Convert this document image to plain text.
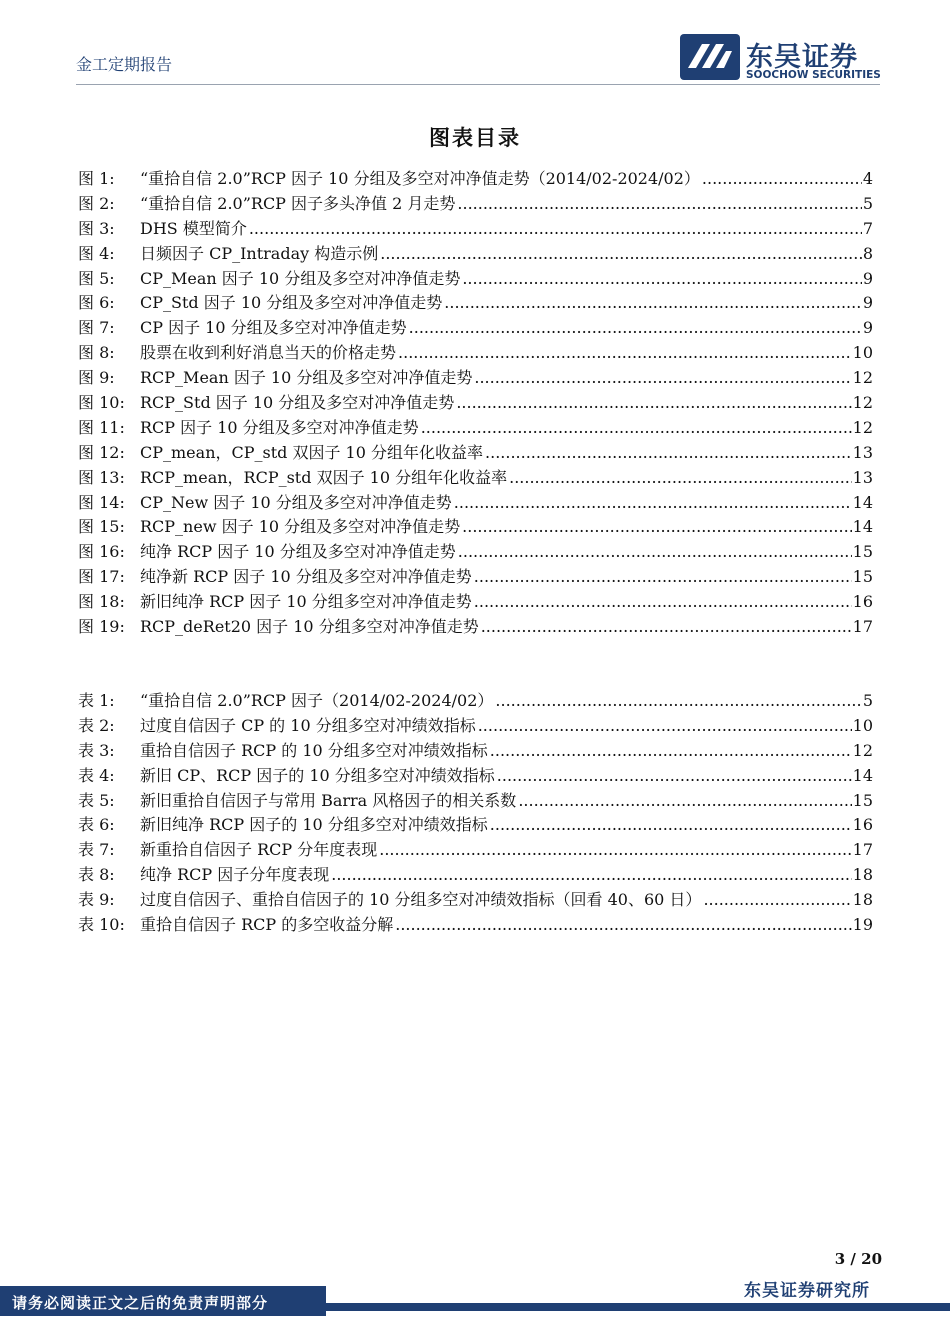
金工定期报告	东吴证券
SOOCHOW SECURITIES
图表目录
图 1:	“重拾自信 2.0”RCP 因子 10 分组及多空对冲净值走势（2014/02-2024/02） .....	4
图 2:	“重拾自信 2.0”RCP 因子多头净值 2 月走势 .....	5
图 3:	DHS 模型简介 .....	7
图 4:	日频因子 CP_Intraday 构造示例 .....	8
图 5:	CP_Mean 因子 10 分组及多空对冲净值走势 .....	9
图 6:	CP_Std 因子 10 分组及多空对冲净值走势 .....	9
图 7:	CP 因子 10 分组及多空对冲净值走势 .....	9
图 8:	股票在收到利好消息当天的价格走势 .....	10
图 9:	RCP_Mean 因子 10 分组及多空对冲净值走势 .....	12
图 10: RCP_Std 因子 10 分组及多空对冲净值走势 .....	12
图 11: RCP 因子 10 分组及多空对冲净值走势 .....	12
图 12: CP_mean，CP_std 双因子 10 分组年化收益率 .....	13
图 13: RCP_mean，RCP_std 双因子 10 分组年化收益率 .....	13
图 14: CP_New 因子 10 分组及多空对冲净值走势 .....	14
图 15: RCP_new 因子 10 分组及多空对冲净值走势 .....	14
图 16: 纯净 RCP 因子 10 分组及多空对冲净值走势 .....	15
图 17: 纯净新 RCP 因子 10 分组及多空对冲净值走势 .....	15
图 18: 新旧纯净 RCP 因子 10 分组多空对冲净值走势 .....	16
图 19: RCP_deRet20 因子 10 分组多空对冲净值走势 .....	17
表 1:	“重拾自信 2.0”RCP 因子（2014/02-2024/02） .....	5
表 2:	过度自信因子 CP 的 10 分组多空对冲绩效指标 .....	10
表 3:	重拾自信因子 RCP 的 10 分组多空对冲绩效指标 .....	12
表 4:	新旧 CP、RCP 因子的 10 分组多空对冲绩效指标 .....	14
表 5:	新旧重拾自信因子与常用 Barra 风格因子的相关系数 .....	15
表 6:	新旧纯净 RCP 因子的 10 分组多空对冲绩效指标 .....	16
表 7:	新重拾自信因子 RCP 分年度表现 .....	17
表 8:	纯净 RCP 因子分年度表现 .....	18
表 9:	过度自信因子、重拾自信因子的 10 分组多空对冲绩效指标（回看 40、60 日） .....	18
表 10: 重拾自信因子 RCP 的多空收益分解 .....	19
3 / 20
请务必阅读正文之后的免责声明部分
东吴证券研究所
